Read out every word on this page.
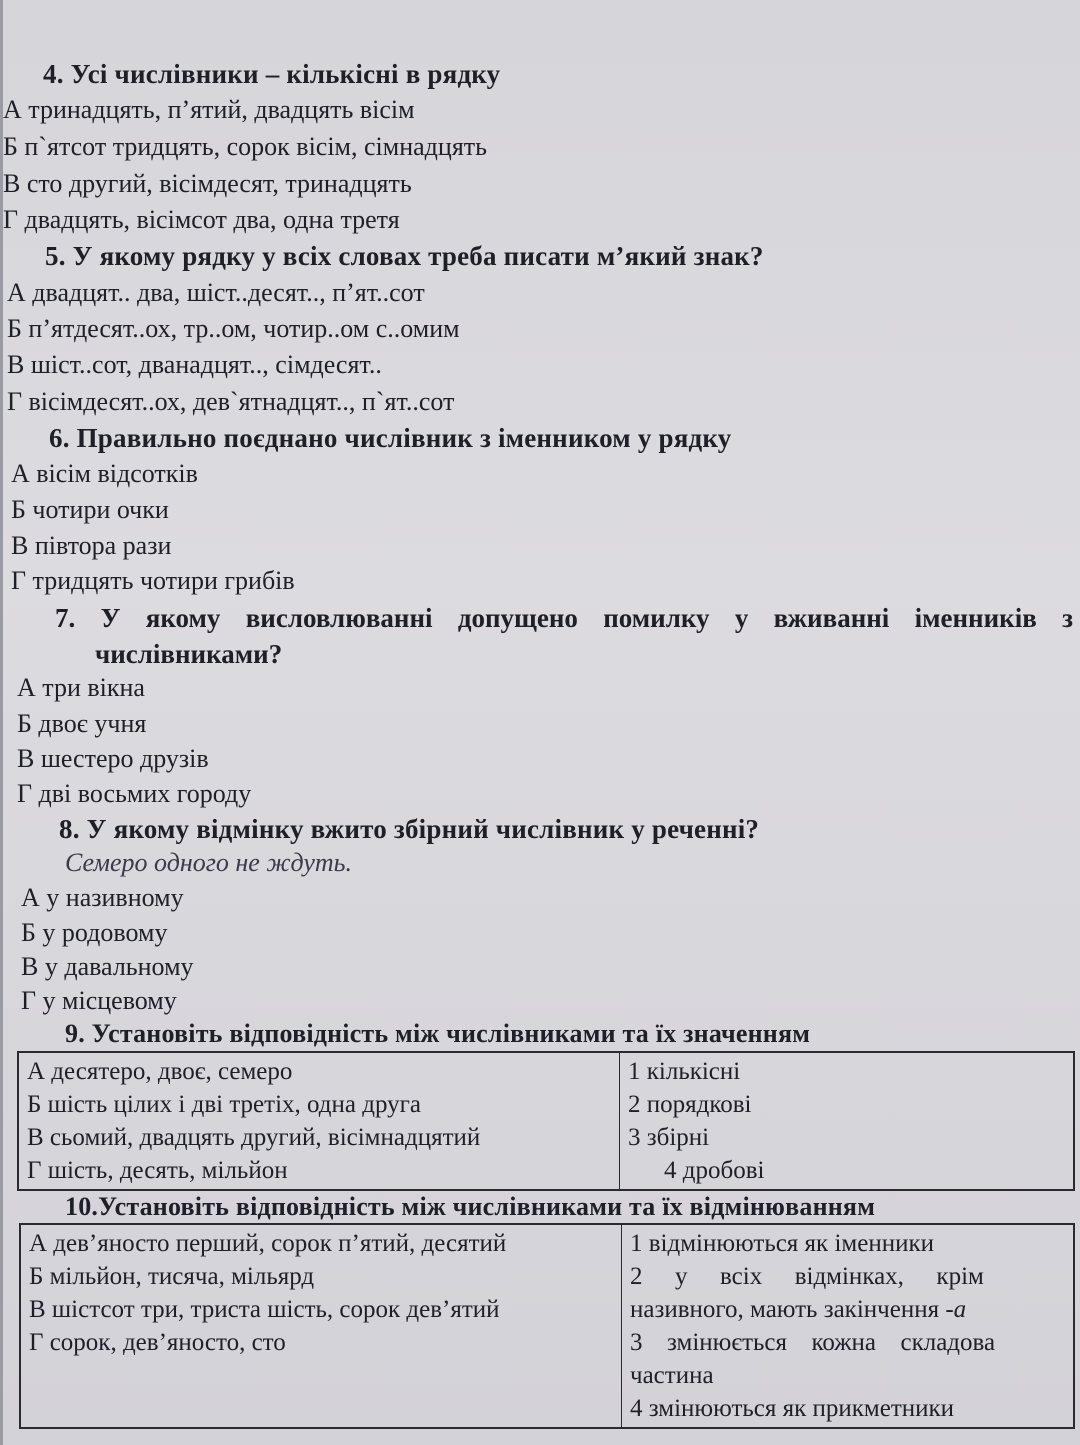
4. Усі числівники – кількісні в рядку
А тринадцять, п’ятий, двадцять вісім
Б п`ятсот тридцять, сорок вісім, сімнадцять
В сто другий, вісімдесят, тринадцять
Г двадцять, вісімсот два, одна третя
5. У якому рядку у всіх словах треба писати м’який знак?
А двадцят.. два, шіст..десят.., п’ят..сот
Б п’ятдесят..ох, тр..ом, чотир..ом с..омим
В шіст..сот, дванадцят.., сімдесят..
Г вісімдесят..ох, дев`ятнадцят.., п`ят..сот
6. Правильно поєднано числівник з іменником у рядку
А вісім відсотків
Б чотири очки
В півтора рази
Г тридцять чотири грибів
7. У якому висловлюванні допущено помилку у вживанні іменників з
числівниками?
А три вікна
Б двоє учня
В шестеро друзів
Г дві восьмих городу
8. У якому відмінку вжито збірний числівник у реченні?
Семеро одного не ждуть.
А у називному
Б у родовому
В у давальному
Г у місцевому
9. Установіть відповідність між числівниками та їх значенням
А десятеро, двоє, семеро
Б шість цілих і дві третіх, одна друга
В сьомий, двадцять другий, вісімнадцятий
Г шість, десять, мільйон

1 кількісні
2 порядкові
3 збірні
4 дробові
10.Установіть відповідність між числівниками та їх відмінюванням
А дев’яносто перший, сорок п’ятий, десятий
Б мільйон, тисяча, мільярд
В шістсот три, триста шість, сорок дев’ятий
Г сорок, дев’яносто, сто

1 відмінюються як іменники
2  у  всіх  відмінках,  крім
називного, мають закінчення -а
3  змінюється  кожна  складова
частина
4 змінюються як прикметники
